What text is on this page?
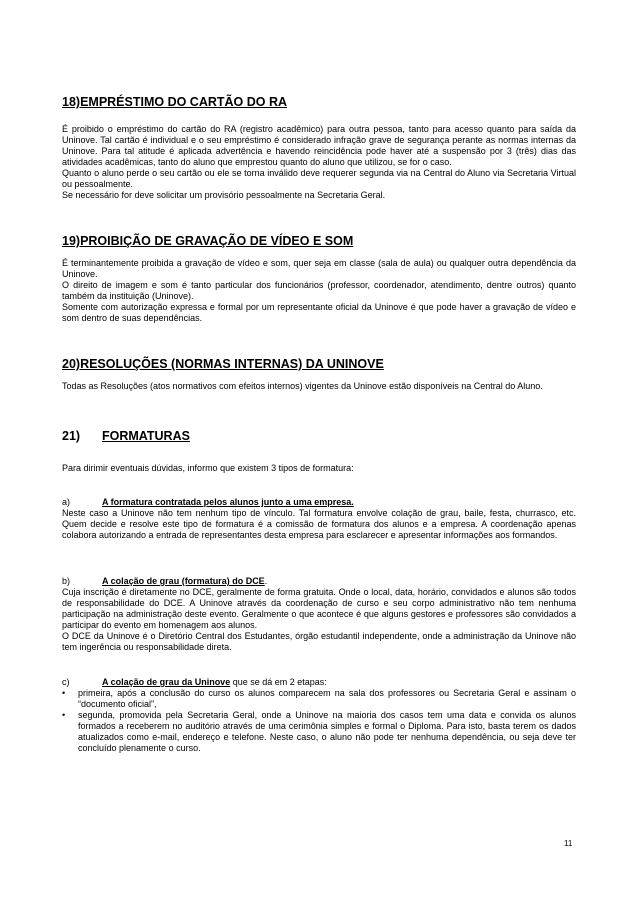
18)EMPRÉSTIMO DO CARTÃO DO RA

É proibido o empréstimo do cartão do RA (registro acadêmico) para outra pessoa, tanto para acesso quanto para saída da Uninove. Tal cartão é individual e o seu empréstimo é considerado infração grave de segurança perante as normas internas da Uninove. Para tal atitude é aplicada advertência e havendo reincidência pode haver até a suspensão por 3 (três) dias das atividades acadêmicas, tanto do aluno que emprestou quanto do aluno que utilizou, se for o caso.

Quanto o aluno perde o seu cartão ou ele se torna inválido deve requerer segunda via na Central do Aluno via Secretaria Virtual ou pessoalmente.

Se necessário for deve solicitar um provisório pessoalmente na Secretaria Geral.

19)PROIBIÇÃO DE GRAVAÇÃO DE VÍDEO E SOM

É terminantemente proibida a gravação de vídeo e som, quer seja em classe (sala de aula) ou qualquer outra dependência da Uninove.

O direito de imagem e som é tanto particular dos funcionários (professor, coordenador, atendimento, dentre outros) quanto também da instituição (Uninove).

Somente com autorização expressa e formal por um representante oficial da Uninove é que pode haver a gravação de vídeo e som dentro de suas dependências.

20)RESOLUÇÕES (NORMAS INTERNAS) DA UNINOVE

Todas as Resoluções (atos normativos com efeitos internos) vigentes da Uninove estão disponíveis na Central do Aluno.

21) FORMATURAS

Para dirimir eventuais dúvidas, informo que existem 3 tipos de formatura:

a)	A formatura contratada pelos alunos junto a uma empresa.

Neste caso a Uninove não tem nenhum tipo de vínculo. Tal formatura envolve colação de grau, baile, festa, churrasco, etc. Quem decide e resolve este tipo de formatura é a comissão de formatura dos alunos e a empresa. A coordenação apenas colabora autorizando a entrada de representantes desta empresa para esclarecer e apresentar informações aos formandos.

b)	A colação de grau (formatura) do DCE.

Cuja inscrição é diretamente no DCE, geralmente de forma gratuita. Onde o local, data, horário, convidados e alunos são todos de responsabilidade do DCE. A Uninove através da coordenação de curso e seu corpo administrativo não tem nenhuma participação na administração deste evento. Geralmente o que acontece é que alguns gestores e professores são convidados a participar do evento em homenagem aos alunos.

O DCE da Uninove é o Diretório Central dos Estudantes, órgão estudantil independente, onde a administração da Uninove não tem ingerência ou responsabilidade direta.

c)	A colação de grau da Uninove que se dá em 2 etapas:

• primeira, após a conclusão do curso os alunos comparecem na sala dos professores ou Secretaria Geral e assinam o “documento oficial”,
• segunda, promovida pela Secretaria Geral, onde a Uninove na maioria dos casos tem uma data e convida os alunos formados a receberem no auditório através de uma cerimônia simples e formal o Diploma. Para isto, basta terem os dados atualizados como e-mail, endereço e telefone. Neste caso, o aluno não pode ter nenhuma dependência, ou seja deve ter concluído plenamente o curso.
11
